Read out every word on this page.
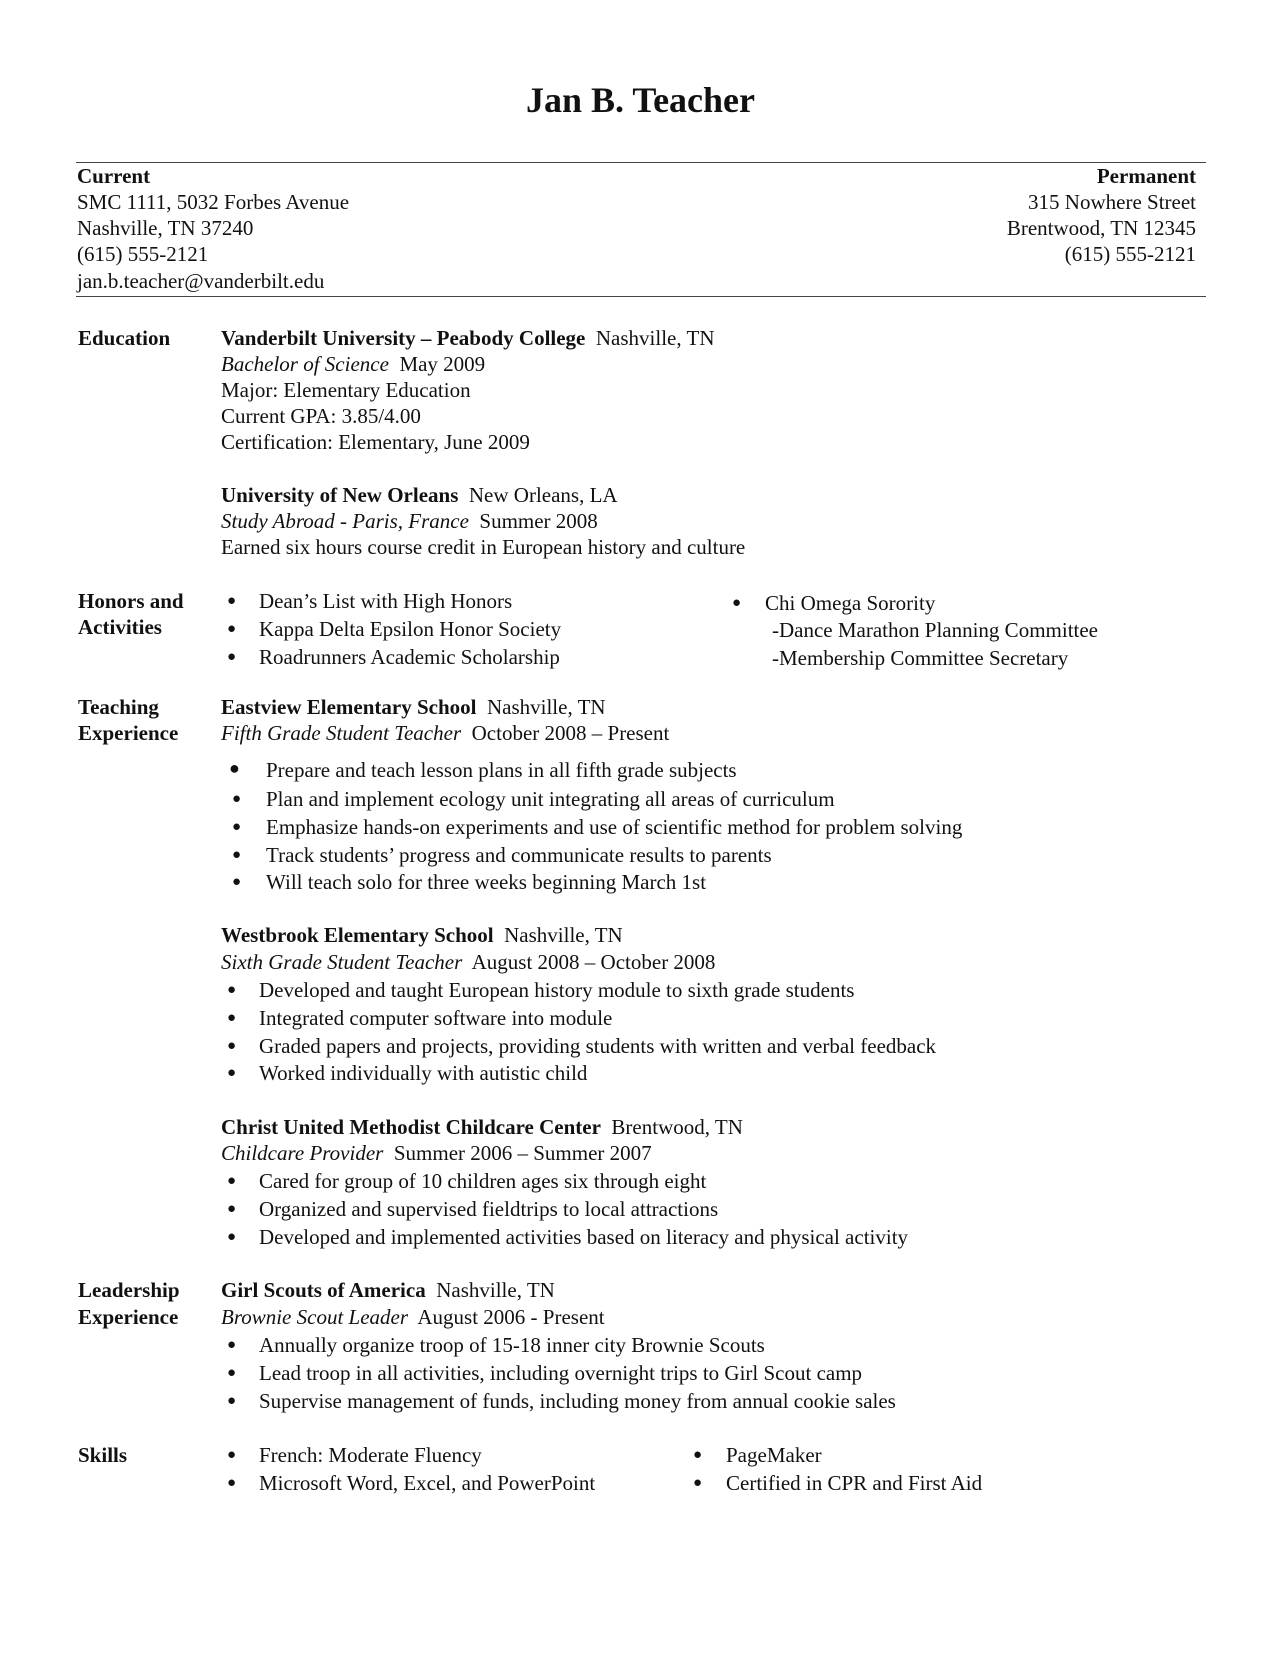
Jan B. Teacher
Current
SMC 1111, 5032 Forbes Avenue
Nashville, TN 37240
(615) 555-2121
jan.b.teacher@vanderbilt.edu
Permanent
315 Nowhere Street
Brentwood, TN 12345
(615) 555-2121
Education Vanderbilt University – Peabody College Nashville, TN
Bachelor of Science May 2009
Major: Elementary Education
Current GPA: 3.85/4.00
Certification: Elementary, June 2009
University of New Orleans New Orleans, LA
Study Abroad - Paris, France Summer 2008
Earned six hours course credit in European history and culture
Honors and
Activities
● Dean’s List with High Honors
● Kappa Delta Epsilon Honor Society
● Roadrunners Academic Scholarship
● Chi Omega Sorority
-Dance Marathon Planning Committee
-Membership Committee Secretary
Teaching
Experience
Eastview Elementary School Nashville, TN
Fifth Grade Student Teacher October 2008 – Present
● Prepare and teach lesson plans in all fifth grade subjects
● Plan and implement ecology unit integrating all areas of curriculum
● Emphasize hands-on experiments and use of scientific method for problem solving
● Track students’ progress and communicate results to parents
● Will teach solo for three weeks beginning March 1st
Westbrook Elementary School Nashville, TN
Sixth Grade Student Teacher August 2008 – October 2008
● Developed and taught European history module to sixth grade students
● Integrated computer software into module
● Graded papers and projects, providing students with written and verbal feedback
● Worked individually with autistic child
Christ United Methodist Childcare Center Brentwood, TN
Childcare Provider Summer 2006 – Summer 2007
● Cared for group of 10 children ages six through eight
● Organized and supervised fieldtrips to local attractions
● Developed and implemented activities based on literacy and physical activity
Leadership
Experience
Girl Scouts of America Nashville, TN
Brownie Scout Leader August 2006 - Present
● Annually organize troop of 15-18 inner city Brownie Scouts
● Lead troop in all activities, including overnight trips to Girl Scout camp
● Supervise management of funds, including money from annual cookie sales
Skills	● French: Moderate Fluency
● Microsoft Word, Excel, and PowerPoint
● PageMaker
● Certified in CPR and First Aid
